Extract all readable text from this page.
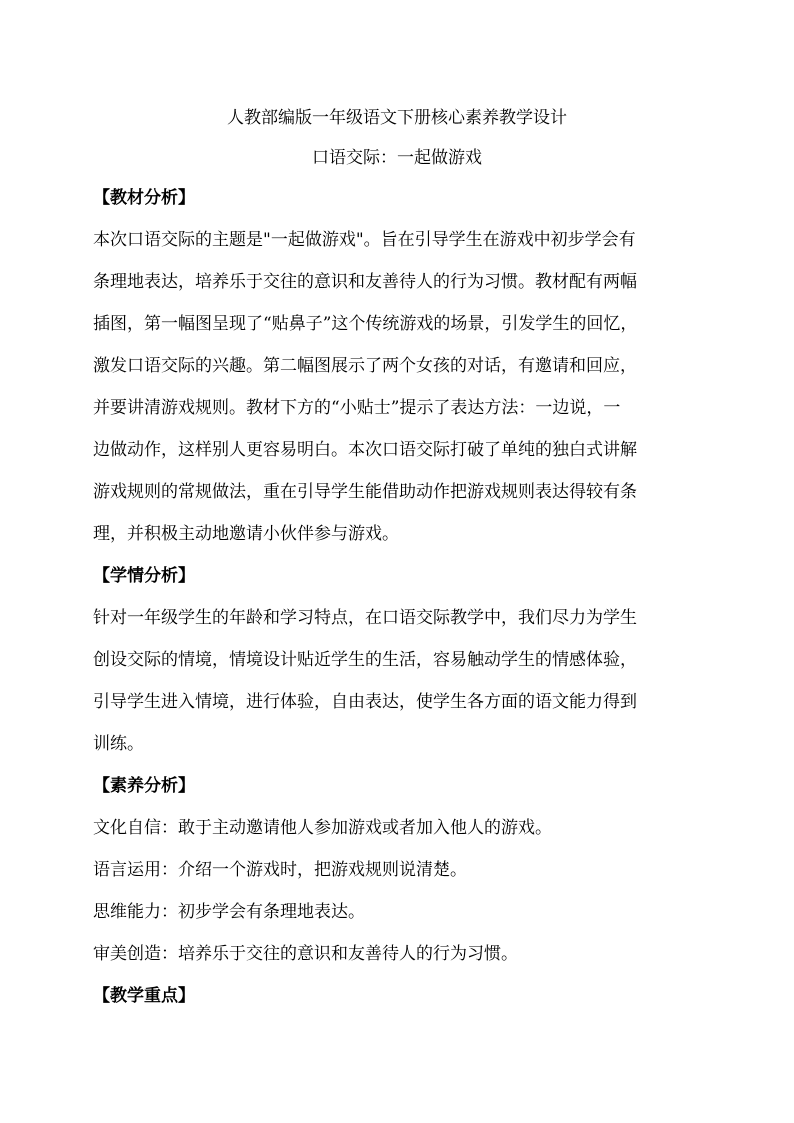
人教部编版一年级语文下册核心素养教学设计
口语交际：一起做游戏
【教材分析】
本次口语交际的主题是"一起做游戏"。旨在引导学生在游戏中初步学会有
条理地表达，培养乐于交往的意识和友善待人的行为习惯。教材配有两幅
插图，第一幅图呈现了“贴鼻子”这个传统游戏的场景，引发学生的回忆，
激发口语交际的兴趣。第二幅图展示了两个女孩的对话，有邀请和回应，
并要讲清游戏规则。教材下方的“小贴士”提示了表达方法：一边说，一
边做动作，这样别人更容易明白。本次口语交际打破了单纯的独白式讲解
游戏规则的常规做法，重在引导学生能借助动作把游戏规则表达得较有条
理，并积极主动地邀请小伙伴参与游戏。
【学情分析】
针对一年级学生的年龄和学习特点，在口语交际教学中，我们尽力为学生
创设交际的情境，情境设计贴近学生的生活，容易触动学生的情感体验，
引导学生进入情境，进行体验，自由表达，使学生各方面的语文能力得到
训练。
【素养分析】
文化自信：敢于主动邀请他人参加游戏或者加入他人的游戏。
语言运用：介绍一个游戏时，把游戏规则说清楚。
思维能力：初步学会有条理地表达。
审美创造：培养乐于交往的意识和友善待人的行为习惯。
【教学重点】
